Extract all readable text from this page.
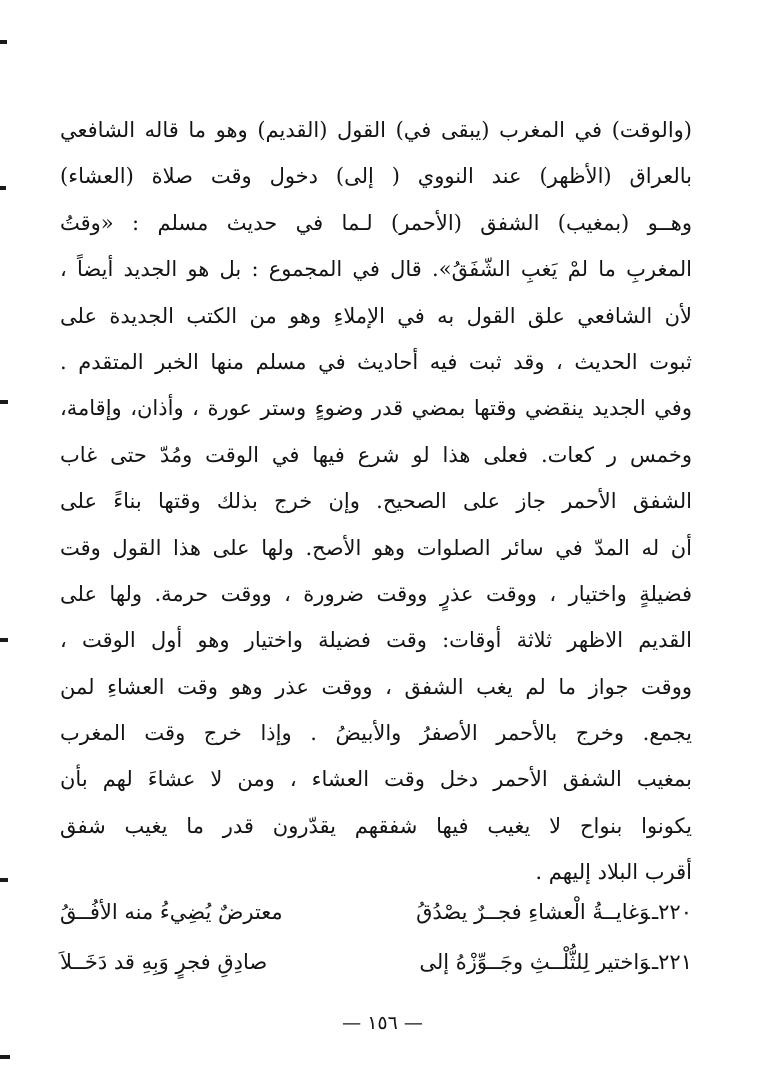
(والوقت) في المغرب (يبقى في) القول (القديم) وهو ما قاله الشافعي
بالعراق (الأظهر) عند النووي ( إلى) دخول وقت صلاة (العشاء)
وهــو (بمغيب) الشفق (الأحمر) لـما في حديث مسلم : «وقتُ
المغربِ ما لمْ يَغبِ الشّفَقُ». قال في المجموع : بل هو الجديد أيضاً ،
لأن الشافعي علق القول به في الإملاءِ وهو من الكتب الجديدة على
ثبوت الحديث ، وقد ثبت فيه أحاديث في مسلم منها الخبر المتقدم .
وفي الجديد ينقضي وقتها بمضي قدر وضوءٍ وستر عورة ، وأذان، وإقامة،
وخمس ر كعات. فعلى هذا لو شرع فيها في الوقت ومُدّ حتى غاب
الشفق الأحمر جاز على الصحيح. وإن خرج بذلك وقتها بناءً على
أن له المدّ في سائر الصلوات وهو الأصح. ولها على هذا القول وقت
فضيلةٍ واختيار ، ووقت عذرٍ ووقت ضرورة ، ووقت حرمة. ولها على
القديم الاظهر ثلاثة أوقات: وقت فضيلة واختيار وهو أول الوقت ،
ووقت جواز ما لم يغب الشفق ، ووقت عذر وهو وقت العشاءِ لمن
يجمع. وخرج بالأحمر الأصفرُ والأبيضُ . وإذا خرج وقت المغرب
بمغيب الشفق الأحمر دخل وقت العشاء ، ومن لا عشاءَ لهم بأن
يكونوا بنواح لا يغيب فيها شفقهم يقدّرون قدر ما يغيب شفق
أقرب البلاد إليهم .
٢٢٠ـوَغايــةُ الْعشاءِ فجــرٌ يصْدُقُ
معترضٌ يُضِيءُ منه الأفُــقُ
٢٢١ـوَاختير لِلثُّلْــثِ وجَــوِّزْهُ إلى
صادِقِ فجرٍ وَبِهِ قد دَخَــلاَ
— ١٥٦ —
